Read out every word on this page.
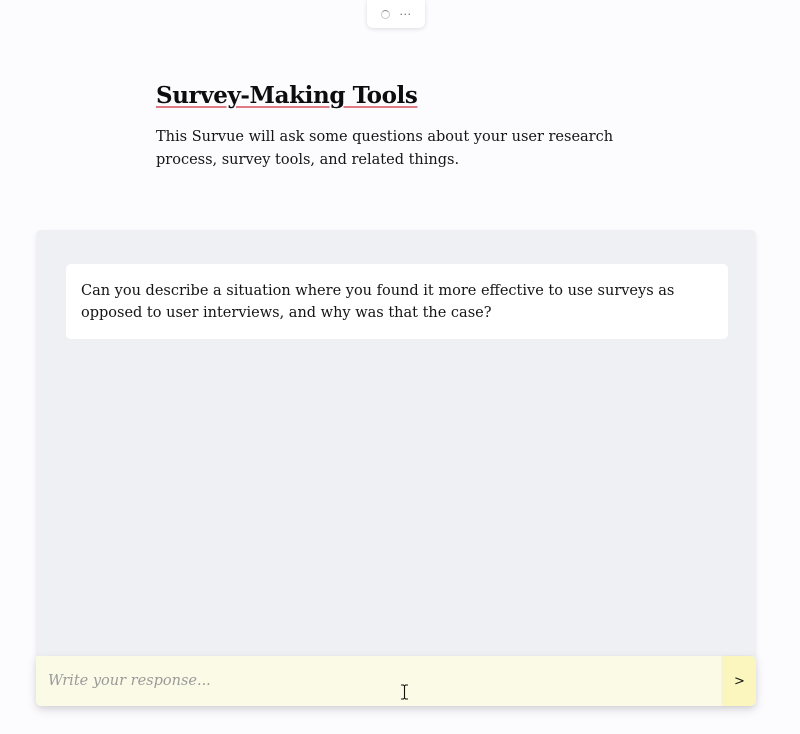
...
Survey-Making Tools

This Survue will ask some questions about your user research process, survey tools, and related things.

Can you describe a situation where you found it more effective to use surveys as opposed to user interviews, and why was that the case?
Write your response...
>
